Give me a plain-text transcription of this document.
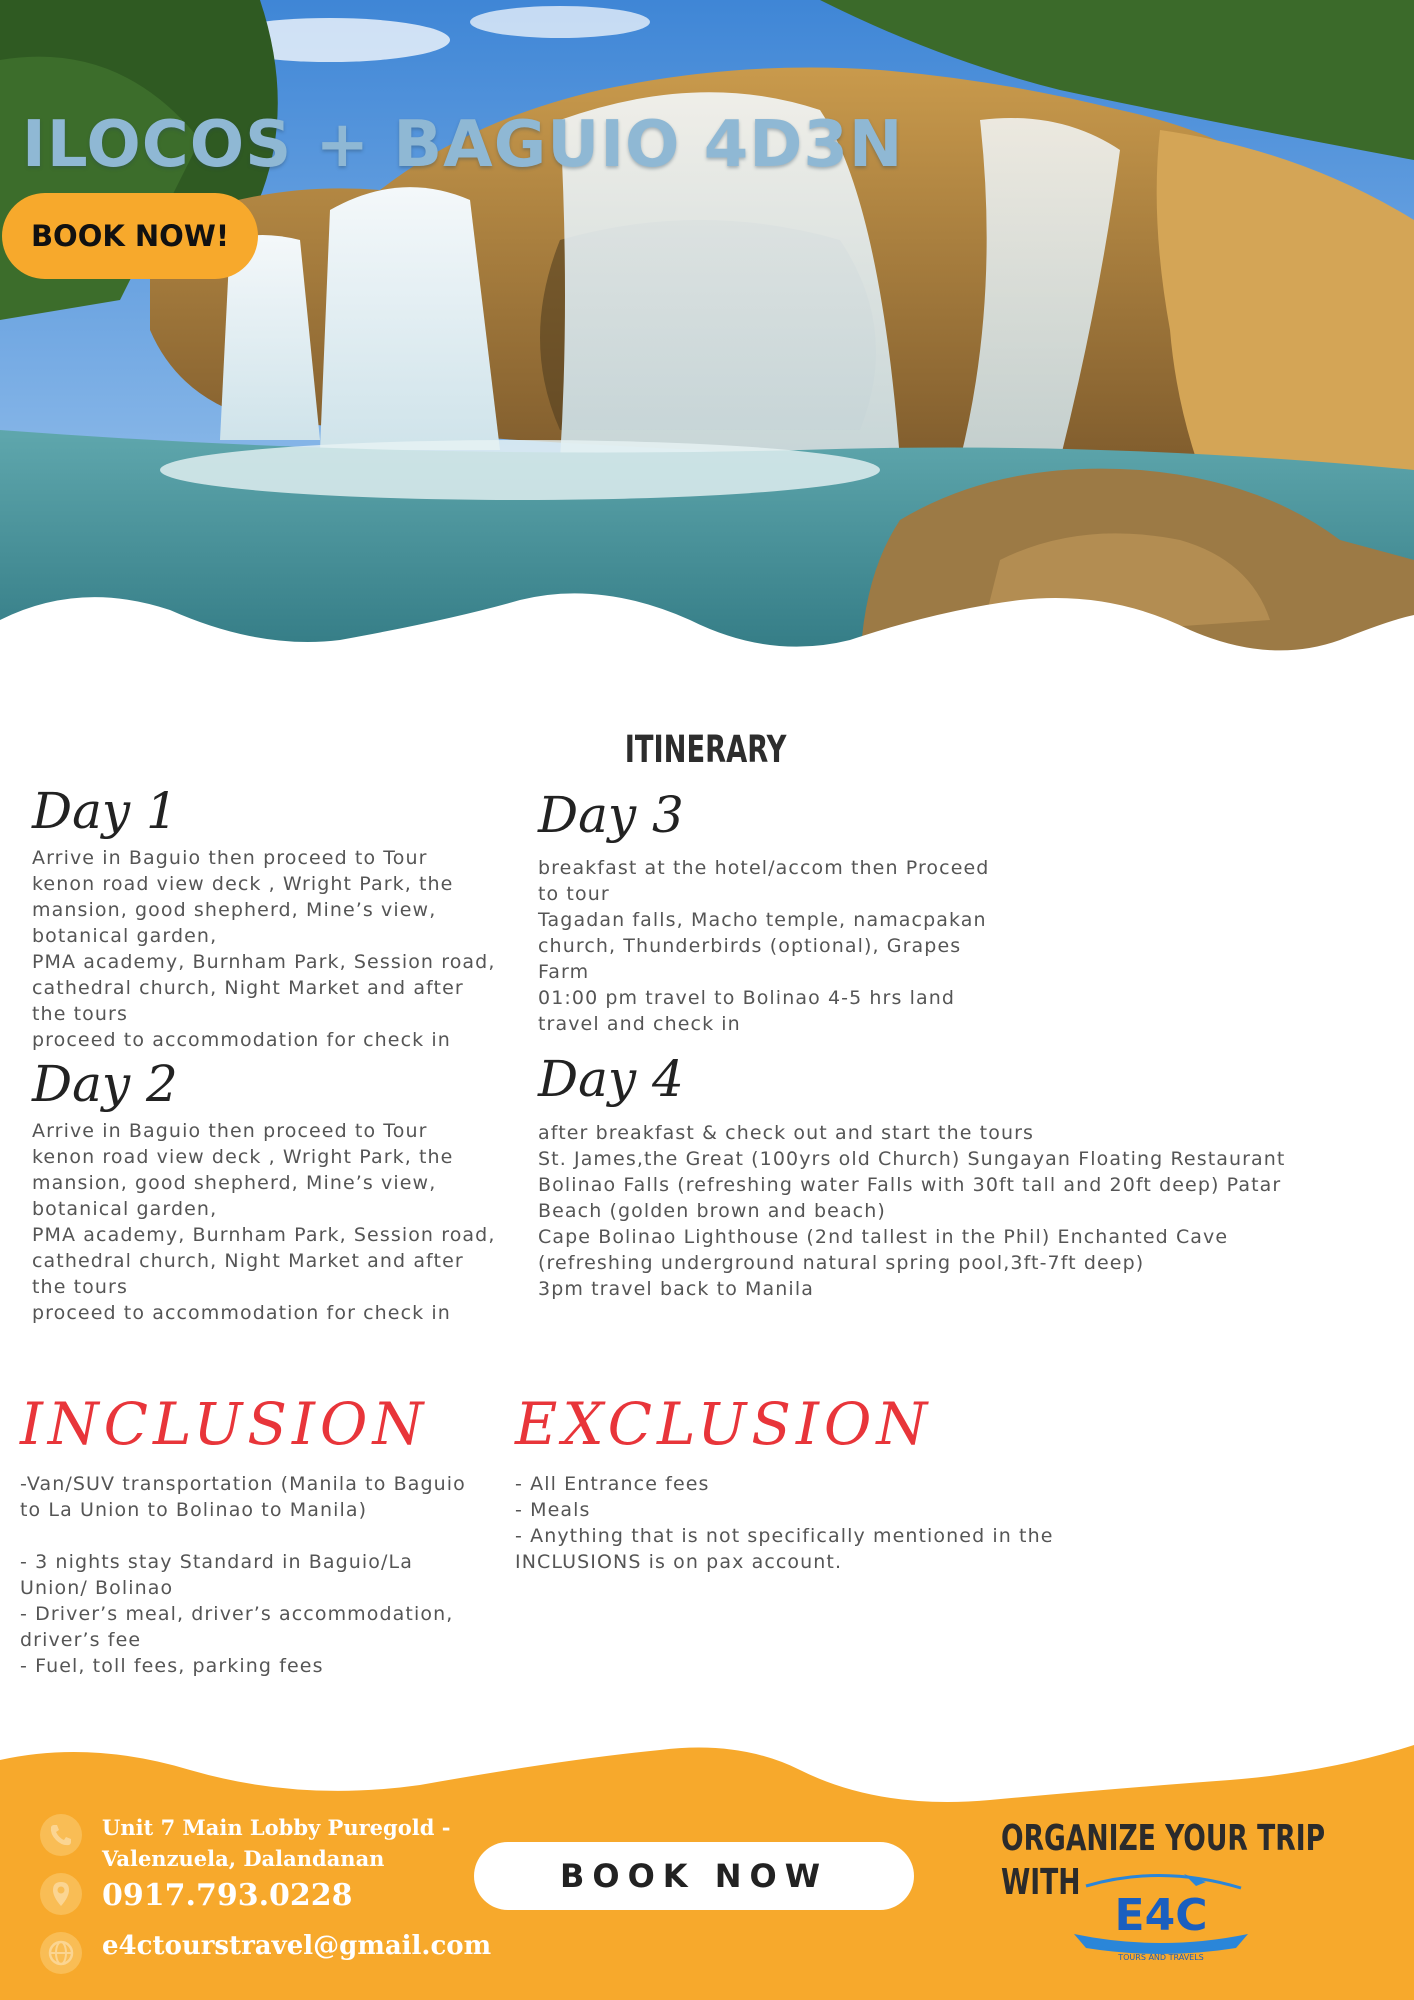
ILOCOS + BAGUIO 4D3N
BOOK NOW!
ITINERARY
Day 1

Arrive in Baguio then proceed to Tour
kenon road view deck , Wright Park, the
mansion, good shepherd, Mine’s view,
botanical garden,
PMA academy, Burnham Park, Session road,
cathedral church, Night Market and after
the tours
proceed to accommodation for check in

Day 2

Arrive in Baguio then proceed to Tour
kenon road view deck , Wright Park, the
mansion, good shepherd, Mine’s view,
botanical garden,
PMA academy, Burnham Park, Session road,
cathedral church, Night Market and after
the tours
proceed to accommodation for check in

Day 3

breakfast at the hotel/accom then Proceed
to tour
Tagadan falls, Macho temple, namacpakan
church, Thunderbirds (optional), Grapes
Farm
01:00 pm travel to Bolinao 4-5 hrs land
travel and check in

Day 4

after breakfast & check out and start the tours
St. James,the Great (100yrs old Church) Sungayan Floating Restaurant
Bolinao Falls (refreshing water Falls with 30ft tall and 20ft deep) Patar
Beach (golden brown and beach)
Cape Bolinao Lighthouse (2nd tallest in the Phil) Enchanted Cave
(refreshing underground natural spring pool,3ft-7ft deep)
3pm travel back to Manila

INCLUSION
-Van/SUV transportation (Manila to Baguio
to La Union to Bolinao to Manila)
- 3 nights stay Standard in Baguio/La
Union/ Bolinao
- Driver’s meal, driver’s accommodation,
driver’s fee
- Fuel, toll fees, parking fees
EXCLUSION
- All Entrance fees
- Meals
- Anything that is not specifically mentioned in the
INCLUSIONS is on pax account.

Unit 7 Main Lobby Puregold -

Valenzuela, Dalandanan

0917.793.0228

e4ctourstravel@gmail.com

BOOK NOW

ORGANIZE YOUR TRIP
WITH

E4C
TOURS AND TRAVELS
